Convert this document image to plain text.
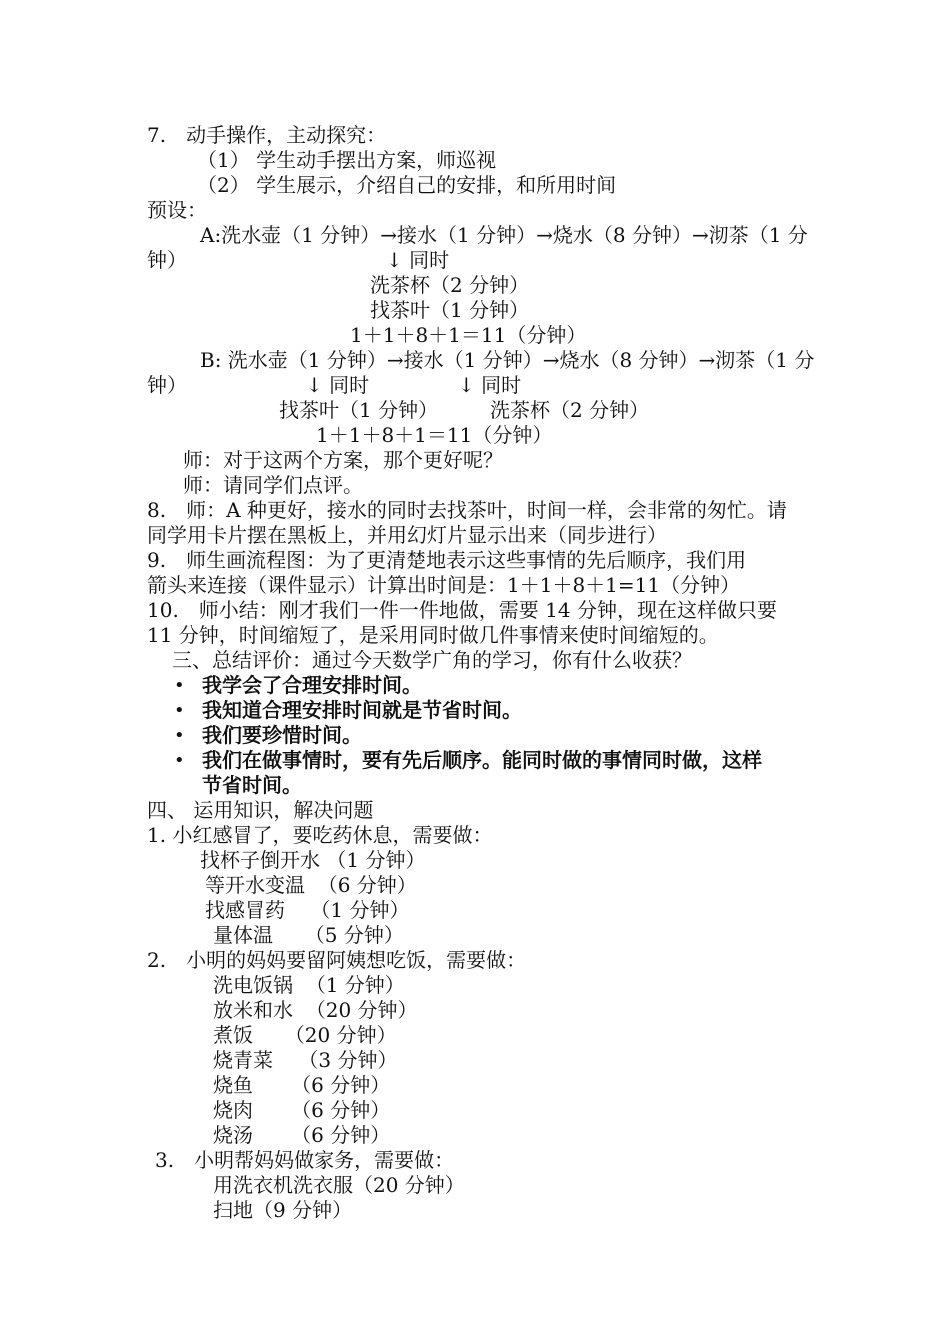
7.　动手操作，主动探究：
（1） 学生动手摆出方案，师巡视
（2） 学生展示，介绍自己的安排，和所用时间
预设：
A:洗水壶（1 分钟）→接水（1 分钟）→烧水（8 分钟）→沏茶（1 分
钟）	↓ 同时
洗茶杯（2 分钟）
找茶叶（1 分钟）
1＋1＋8＋1＝11（分钟）
B: 洗水壶（1 分钟）→接水（1 分钟）→烧水（8 分钟）→沏茶（1 分
钟）	↓ 同时	↓ 同时
找茶叶（1 分钟）	洗茶杯（2 分钟）
1＋1＋8＋1＝11（分钟）
师：对于这两个方案，那个更好呢？
师：请同学们点评。
8.　师：A 种更好，接水的同时去找茶叶，时间一样，会非常的匆忙。请
同学用卡片摆在黑板上，并用幻灯片显示出来（同步进行）
9.　师生画流程图：为了更清楚地表示这些事情的先后顺序，我们用
箭头来连接（课件显示）计算出时间是：1＋1＋8＋1=11（分钟）
10.　师小结：刚才我们一件一件地做，需要 14 分钟，现在这样做只要
11 分钟，时间缩短了，是采用同时做几件事情来使时间缩短的。
三、总结评价：通过今天数学广角的学习，你有什么收获？
• 我学会了合理安排时间。
• 我知道合理安排时间就是节省时间。
• 我们要珍惜时间。
• 我们在做事情时，要有先后顺序。能同时做的事情同时做，这样
节省时间。
四、 运用知识，解决问题
1. 小红感冒了，要吃药休息，需要做：
找杯子倒开水 （1 分钟）
等开水变温  （6 分钟）
找感冒药    （1 分钟）
量体温     （5 分钟）
2.　小明的妈妈要留阿姨想吃饭，需要做：
洗电饭锅  （1 分钟）
放米和水  （20 分钟）
煮饭     （20 分钟）
烧青菜    （3 分钟）
烧鱼      （6 分钟）
烧肉      （6 分钟）
烧汤      （6 分钟）
3.　小明帮妈妈做家务，需要做：
用洗衣机洗衣服（20 分钟）
扫地（9 分钟）
